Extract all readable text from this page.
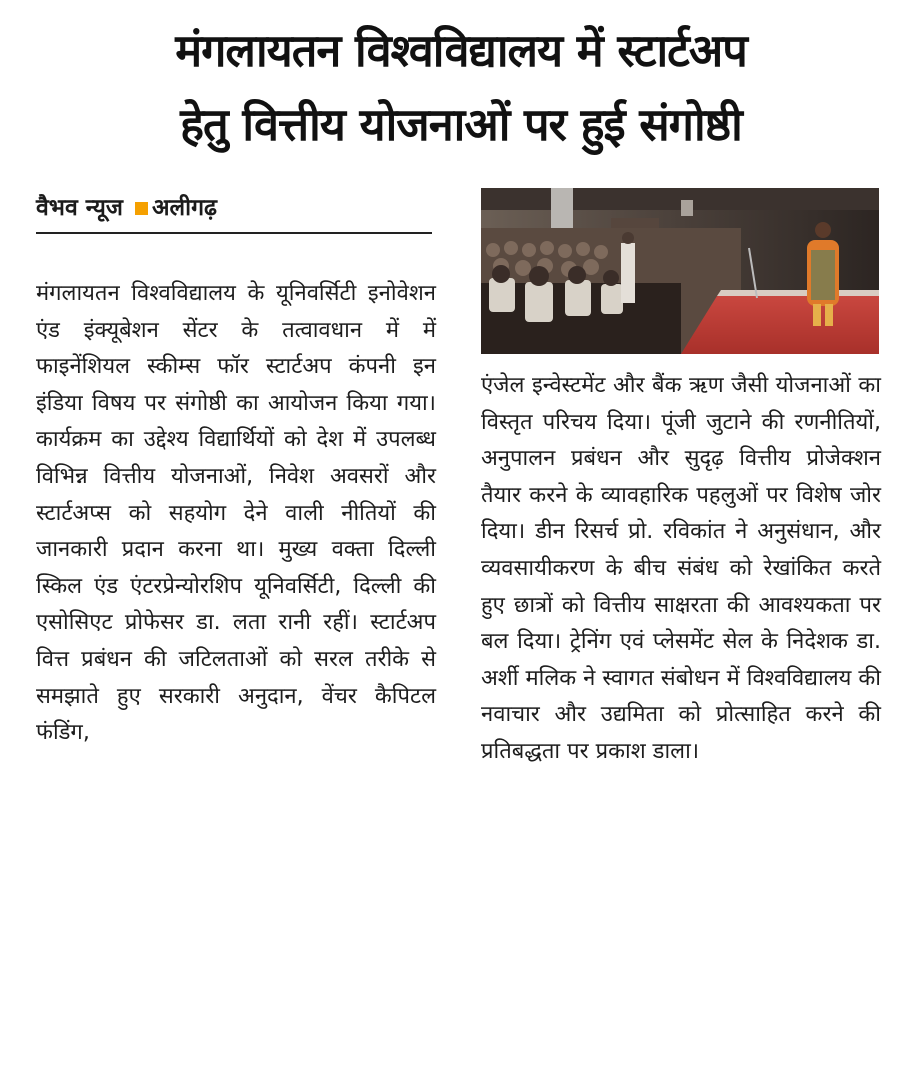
मंगलायतन विश्वविद्यालय में स्टार्टअप
हेतु वित्तीय योजनाओं पर हुई संगोष्ठी
वैभव न्यूज अलीगढ़

मंगलायतन विश्वविद्यालय के यूनिवर्सिटी इनोवेशन एंड इंक्यूबेशन सेंटर के तत्वावधान में में फाइनेंशियल स्कीम्स फॉर स्टार्टअप कंपनी इन इंडिया विषय पर संगोष्ठी का आयोजन किया गया। कार्यक्रम का उद्देश्य विद्यार्थियों को देश में उपलब्ध विभिन्न वित्तीय योजनाओं, निवेश अवसरों और स्टार्टअप्स को सहयोग देने वाली नीतियों की जानकारी प्रदान करना था। मुख्य वक्ता दिल्ली स्किल एंड एंटरप्रेन्योरशिप यूनिवर्सिटी, दिल्ली की एसोसिएट प्रोफेसर डा. लता रानी रहीं। स्टार्टअप वित्त प्रबंधन की जटिलताओं को सरल तरीके से समझाते हुए सरकारी अनुदान, वेंचर कैपिटल फंडिंग,

एंजेल इन्वेस्टमेंट और बैंक ऋण जैसी योजनाओं का विस्तृत परिचय दिया। पूंजी जुटाने की रणनीतियों, अनुपालन प्रबंधन और सुदृढ़ वित्तीय प्रोजेक्शन तैयार करने के व्यावहारिक पहलुओं पर विशेष जोर दिया। डीन रिसर्च प्रो. रविकांत ने अनुसंधान, और व्यवसायीकरण के बीच संबंध को रेखांकित करते हुए छात्रों को वित्तीय साक्षरता की आवश्यकता पर बल दिया। ट्रेनिंग एवं प्लेसमेंट सेल के निदेशक डा. अर्शी मलिक ने स्वागत संबोधन में विश्वविद्यालय की नवाचार और उद्यमिता को प्रोत्साहित करने की प्रतिबद्धता पर प्रकाश डाला।
